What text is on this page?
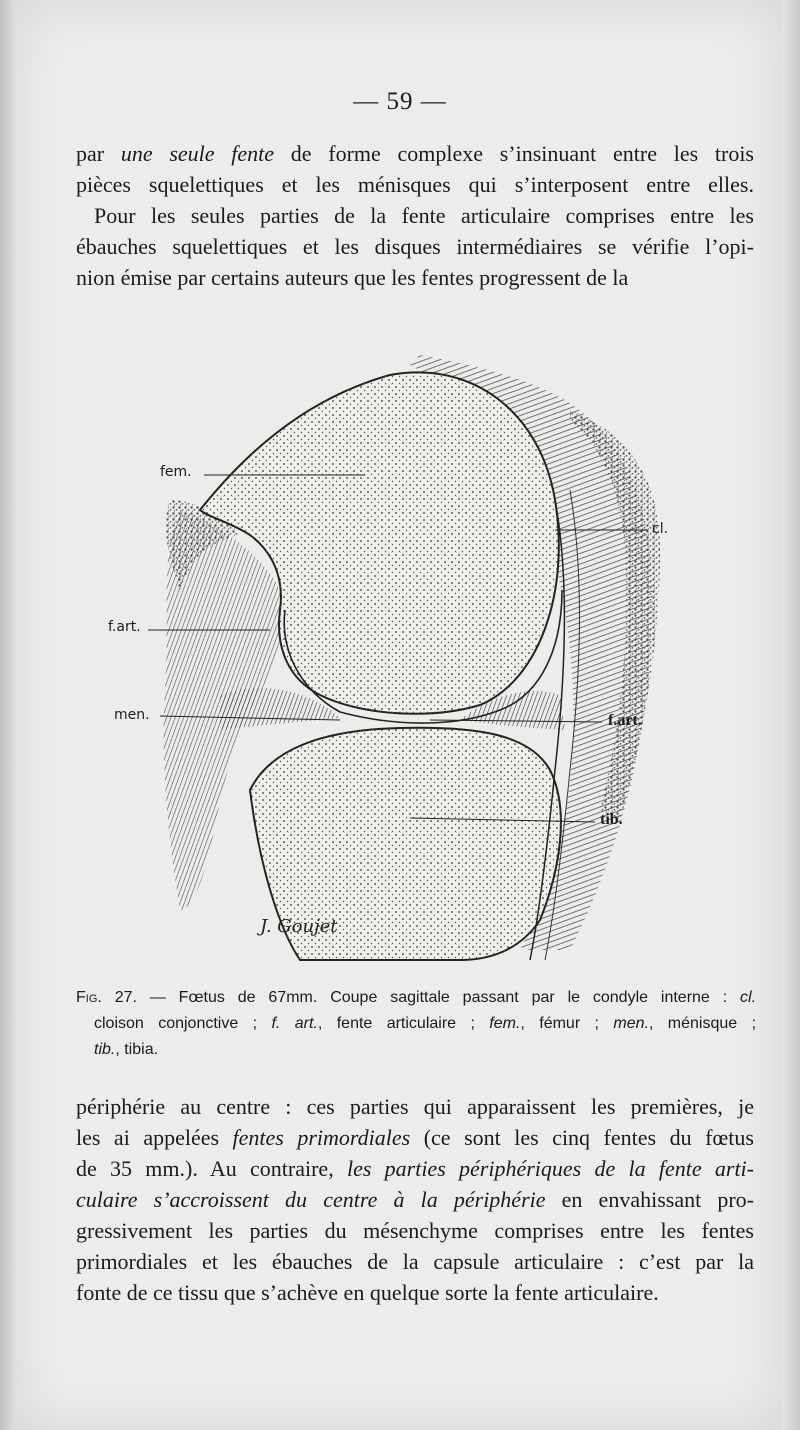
— 59 —

par une seule fente de forme complexe s’insinuant entre les trois
pièces squelettiques et les ménisques qui s’interposent entre elles.
Pour les seules parties de la fente articulaire comprises entre les
ébauches squelettiques et les disques intermédiaires se vérifie l’opi-
nion émise par certains auteurs que les fentes progressent de la

fem.
cl.
f.art.
men.	f.art.
tib.
J. Goujet

Fig. 27. — Fœtus de 67mm. Coupe sagittale passant par le condyle interne : cl.
cloison conjonctive ; f. art., fente articulaire ; fem., fémur ; men., ménisque ;
tib., tibia.

périphérie au centre : ces parties qui apparaissent les premières, je
les ai appelées fentes primordiales (ce sont les cinq fentes du fœtus
de 35 mm.). Au contraire, les parties périphériques de la fente arti-
culaire s’accroissent du centre à la périphérie en envahissant pro-
gressivement les parties du mésenchyme comprises entre les fentes
primordiales et les ébauches de la capsule articulaire : c’est par la
fonte de ce tissu que s’achève en quelque sorte la fente articulaire.
